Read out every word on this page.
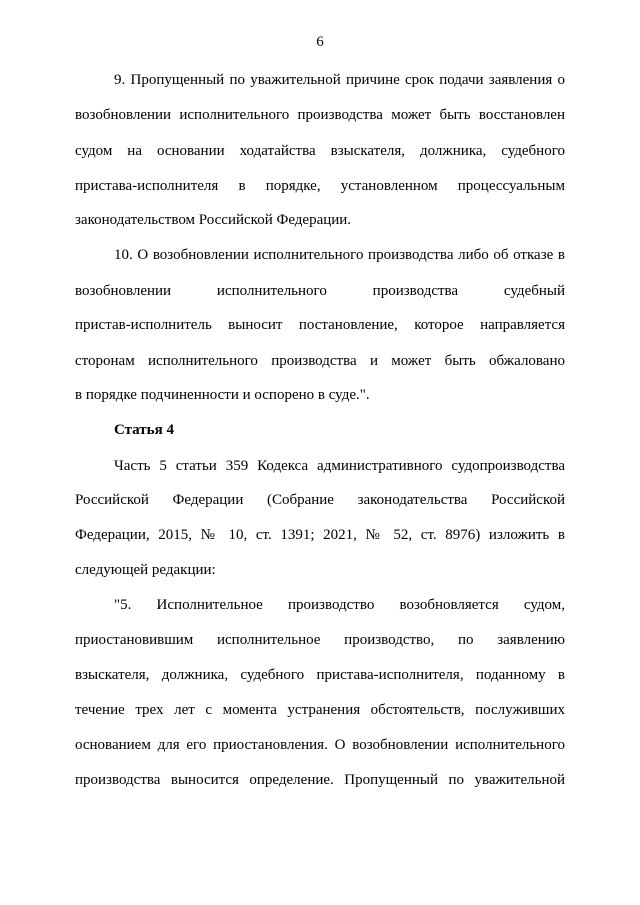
6
9. Пропущенный по уважительной причине срок подачи заявления о
возобновлении исполнительного производства может быть восстановлен
судом на основании ходатайства взыскателя, должника, судебного
пристава-исполнителя в порядке, установленном процессуальным
законодательством Российской Федерации.
10. О возобновлении исполнительного производства либо об отказе в
возобновлении исполнительного производства судебный
пристав-исполнитель выносит постановление, которое направляется
сторонам исполнительного производства и может быть обжаловано
в порядке подчиненности и оспорено в суде.".
Статья 4
Часть 5 статьи 359 Кодекса административного судопроизводства
Российской Федерации (Собрание законодательства Российской
Федерации, 2015, № 10, ст. 1391; 2021, № 52, ст. 8976) изложить в
следующей редакции:
"5. Исполнительное производство возобновляется судом,
приостановившим исполнительное производство, по заявлению
взыскателя, должника, судебного пристава-исполнителя, поданному в
течение трех лет с момента устранения обстоятельств, послуживших
основанием для его приостановления. О возобновлении исполнительного
производства выносится определение. Пропущенный по уважительной
